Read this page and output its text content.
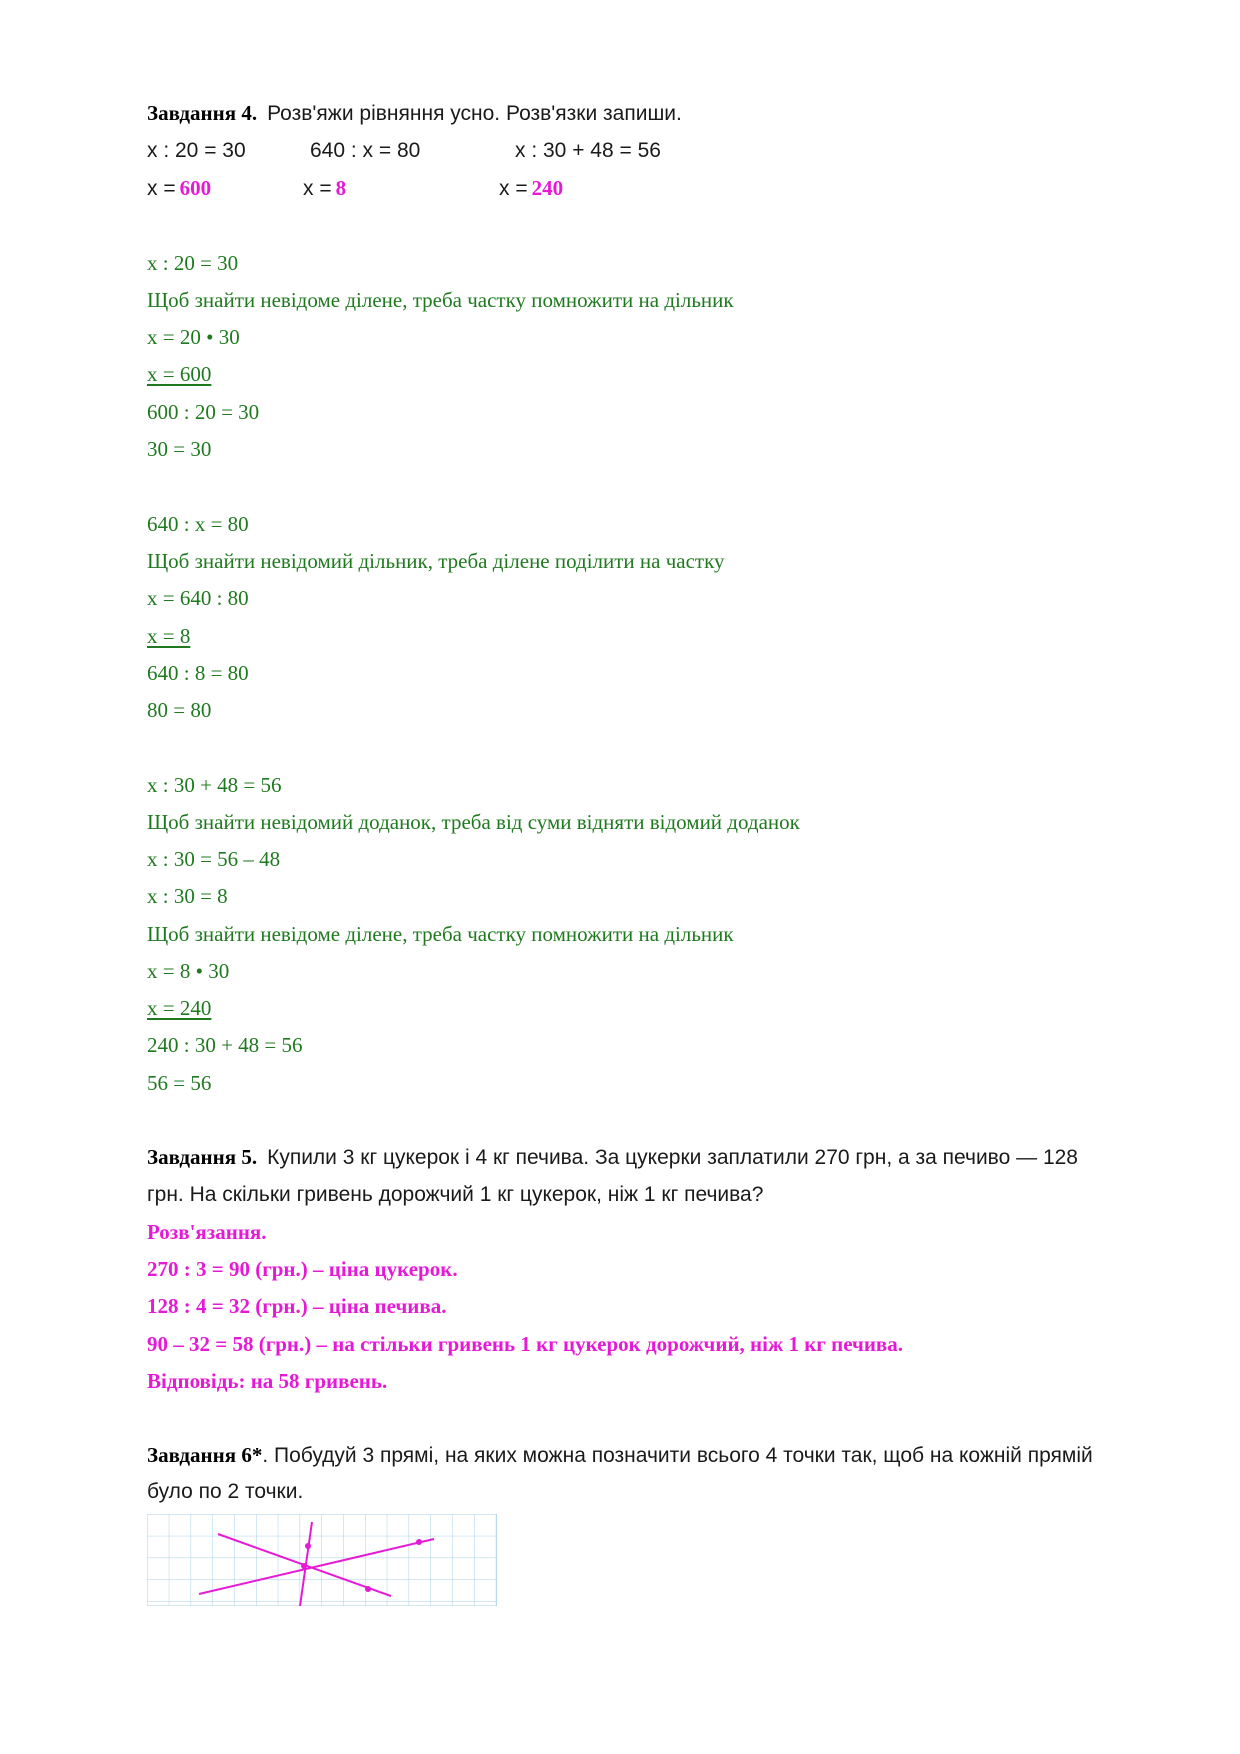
Завдання 4. Розв'яжи рівняння усно. Розв'язки запиши.
x : 20 = 30	640 : x = 80	x : 30 + 48 = 56
x = 600	x = 8	x = 240
x : 20 = 30
Щоб знайти невідоме ділене, треба частку помножити на дільник
x = 20 • 30
x = 600
600 : 20 = 30
30 = 30
640 : x = 80
Щоб знайти невідомий дільник, треба ділене поділити на частку
x = 640 : 80
x = 8
640 : 8 = 80
80 = 80
x : 30 + 48 = 56
Щоб знайти невідомий доданок, треба від суми відняти відомий доданок
x : 30 = 56 – 48
x : 30 = 8
Щоб знайти невідоме ділене, треба частку помножити на дільник
x = 8 • 30
x = 240
240 : 30 + 48 = 56
56 = 56
Завдання 5. Купили 3 кг цукерок і 4 кг печива. За цукерки заплатили 270 грн, а за печиво — 128
грн. На скільки гривень дорожчий 1 кг цукерок, ніж 1 кг печива?
Розв'язання.
270 : 3 = 90 (грн.) – ціна цукерок.
128 : 4 = 32 (грн.) – ціна печива.
90 – 32 = 58 (грн.) – на стільки гривень 1 кг цукерок дорожчий, ніж 1 кг печива.
Відповідь: на 58 гривень.
Завдання 6*. Побудуй 3 прямі, на яких можна позначити всього 4 точки так, щоб на кожній прямій
було по 2 точки.
